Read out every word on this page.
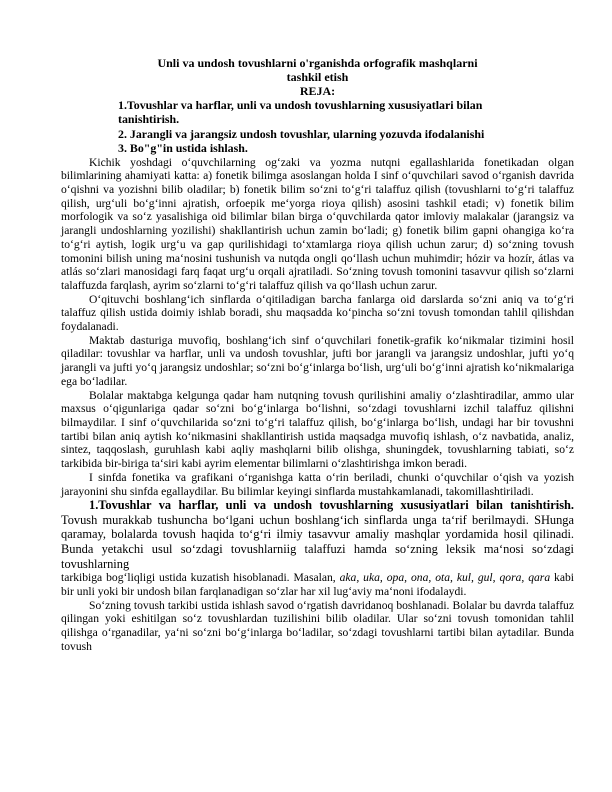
Unli va undosh tovushlarni o'rganishda orfografik mashqlarni
tashkil etish
REJA:
1.Tovushlar va harflar, unli va undosh tovushlarning xususiyatlari bilan
tanishtirish.
2. Jarangli va jarangsiz undosh tovushlar, ularning yozuvda ifodalanishi
3. Bo"g"in ustida ishlash.

Kichik yoshdagi o‘quvchilarning og‘zaki va yozma nutqni egallashlarida fonetikadan olgan bilimlarining ahamiyati katta: a) fonetik bilimga asoslangan holda I sinf o‘quvchilari savod o‘rganish davrida o‘qishni va yozishni bilib oladilar; b) fonetik bilim so‘zni to‘g‘ri talaffuz qilish (tovushlarni to‘g‘ri talaffuz qilish, urg‘uli bo‘g‘inni ajratish, orfoepik me‘yorga rioya qilish) asosini tashkil etadi; v) fonetik bilim morfologik va so‘z yasalishiga oid bilimlar bilan birga o‘quvchilarda qator imloviy malakalar (jarangsiz va jarangli undoshlarning yozilishi) shakllantirish uchun zamin bo‘ladi; g) fonetik bilim gapni ohangiga ko‘ra to‘g‘ri aytish, logik urg‘u va gap qurilishidagi to‘xtamlarga rioya qilish uchun zarur; d) so‘zning tovush tomonini bilish uning ma‘nosini tushunish va nutqda ongli qo‘llash uchun muhimdir; hózir va hozír, átlas va atlás so‘zlari manosidagi farq faqat urg‘u orqali ajratiladi. So‘zning tovush tomonini tasavvur qilish so‘zlarni talaffuzda farqlash, ayrim so‘zlarni to‘g‘ri talaffuz qilish va qo‘llash uchun zarur.

O‘qituvchi boshlang‘ich sinflarda o‘qitiladigan barcha fanlarga oid darslarda so‘zni aniq va to‘g‘ri talaffuz qilish ustida doimiy ishlab boradi, shu maqsadda ko‘pincha so‘zni tovush tomondan tahlil qilishdan foydalanadi.

Maktab dasturiga muvofiq, boshlang‘ich sinf o‘quvchilari fonetik-grafik ko‘nikmalar tizimini hosil qiladilar: tovushlar va harflar, unli va undosh tovushlar, jufti bor jarangli va jarangsiz undoshlar, jufti yo‘q jarangli va jufti yo‘q jarangsiz undoshlar; so‘zni bo‘g‘inlarga bo‘lish, urg‘uli bo‘g‘inni ajratish ko‘nikmalariga ega bo‘ladilar.

Bolalar maktabga kelgunga qadar ham nutqning tovush qurilishini amaliy o‘zlashtiradilar, ammo ular maxsus o‘qigunlariga qadar so‘zni bo‘g‘inlarga bo‘lishni, so‘zdagi tovushlarni izchil talaffuz qilishni bilmaydilar. I sinf o‘quvchilarida so‘zni to‘g‘ri talaffuz qilish, bo‘g‘inlarga bo‘lish, undagi har bir tovushni tartibi bilan aniq aytish ko‘nikmasini shakllantirish ustida maqsadga muvofiq ishlash, o‘z navbatida, analiz, sintez, taqqoslash, guruhlash kabi aqliy mashqlarni bilib olishga, shuningdek, tovushlarning tabiati, so‘z tarkibida bir-biriga ta‘siri kabi ayrim elementar bilimlarni o‘zlashtirishga imkon beradi.

I sinfda fonetika va grafikani o‘rganishga katta o‘rin beriladi, chunki o‘quvchilar o‘qish va yozish jarayonini shu sinfda egallaydilar. Bu bilimlar keyingi sinflarda mustahkamlanadi, takomillashtiriladi.

1.Tovushlar va harflar, unli va undosh tovushlarning xususiyatlari bilan tanishtirish. Tovush murakkab tushuncha bo‘lgani uchun boshlang‘ich sinflarda unga ta‘rif berilmaydi. SHunga qaramay, bolalarda tovush haqida to‘g‘ri ilmiy tasavvur amaliy mashqlar yordamida hosil qilinadi. Bunda yetakchi usul so‘zdagi tovushlarniig talaffuzi hamda so‘zning leksik ma‘nosi so‘zdagi tovushlarning

tarkibiga bog‘liqligi ustida kuzatish hisoblanadi. Masalan, aka, uka, opa, ona, ota, kul, gul, qora, qara kabi bir unli yoki bir undosh bilan farqlanadigan so‘zlar har xil lug‘aviy ma‘noni ifodalaydi.

So‘zning tovush tarkibi ustida ishlash savod o‘rgatish davridanoq boshlanadi. Bolalar bu davrda talaffuz qilingan yoki eshitilgan so‘z tovushlardan tuzilishini bilib oladilar. Ular so‘zni tovush tomonidan tahlil qilishga o‘rganadilar, ya‘ni so‘zni bo‘g‘inlarga bo‘ladilar, so‘zdagi tovushlarni tartibi bilan aytadilar. Bunda tovush
